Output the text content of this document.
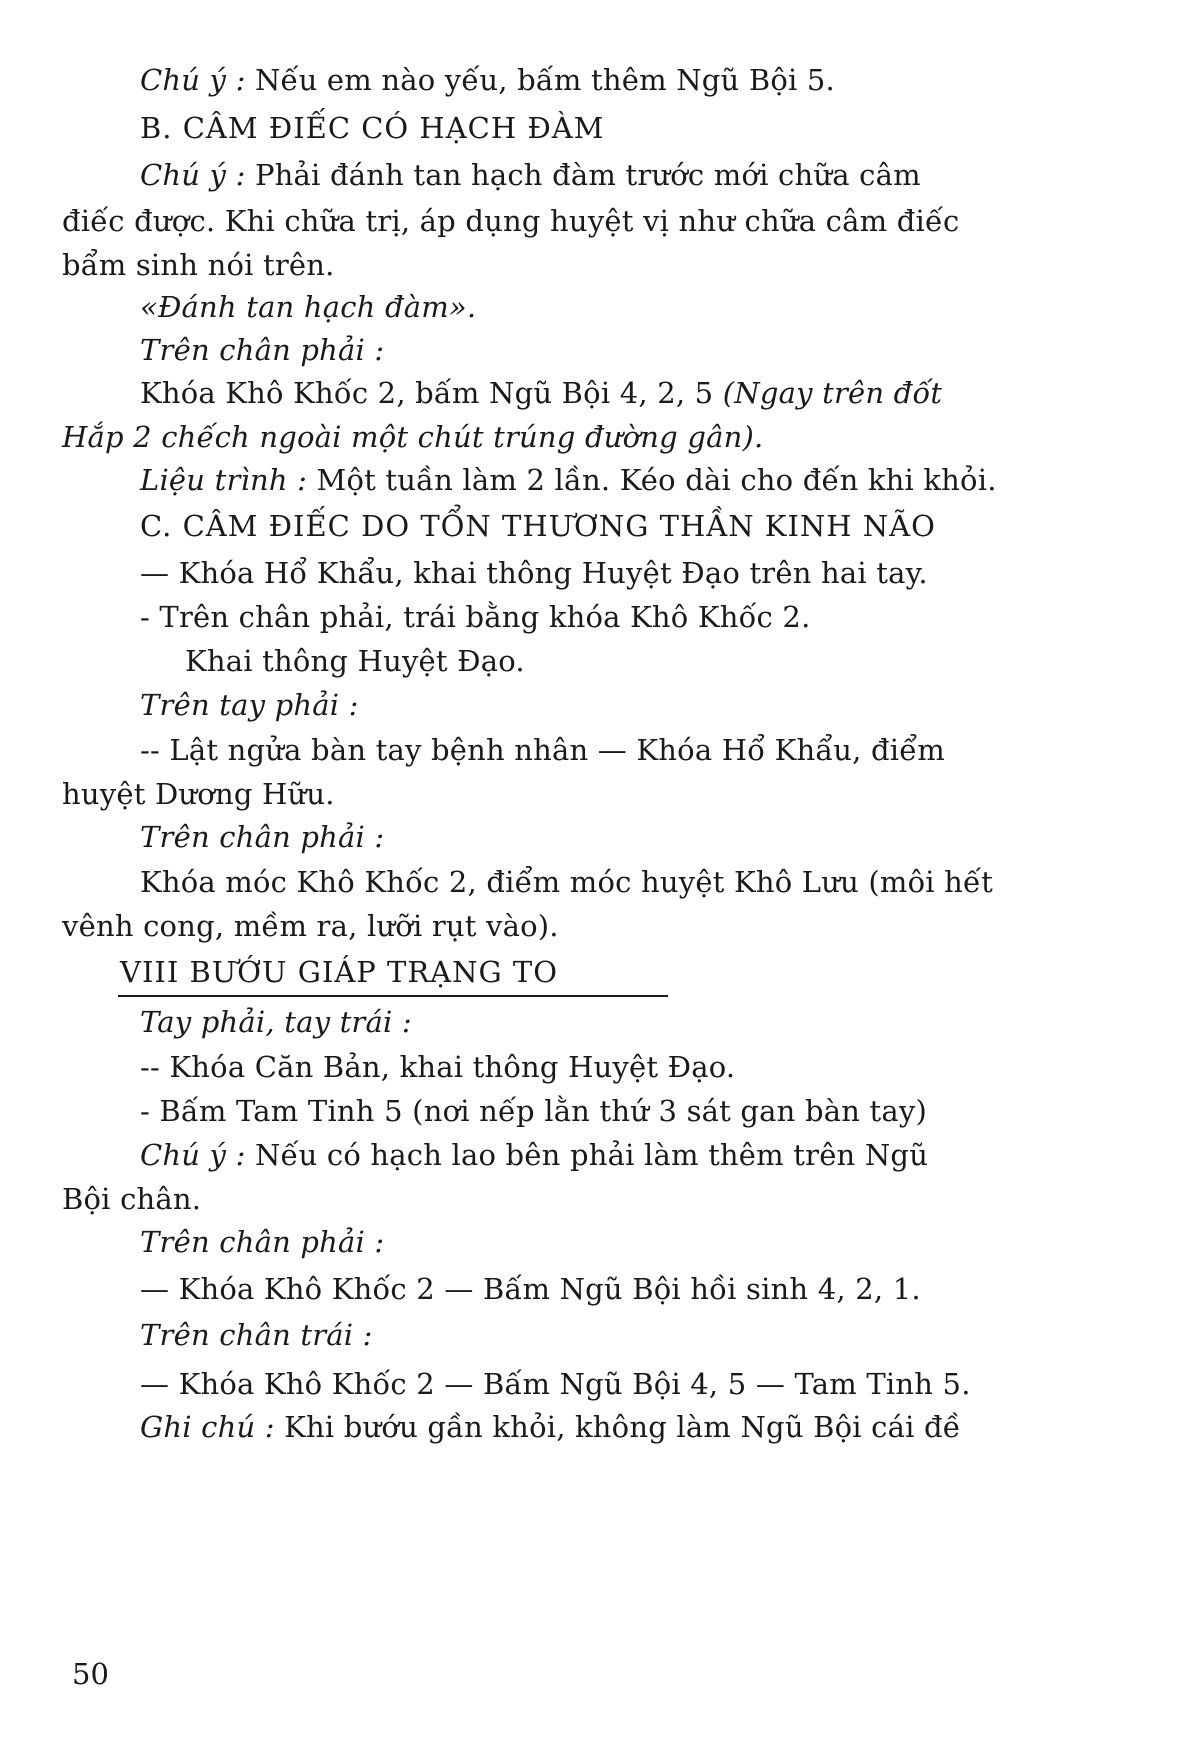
Chú ý : Nếu em nào yếu, bấm thêm Ngũ Bội 5.
B. CÂM ĐIẾC CÓ HẠCH ĐÀM
Chú ý : Phải đánh tan hạch đàm trước mới chữa câm
điếc được. Khi chữa trị, áp dụng huyệt vị như chữa câm điếc
bẩm sinh nói trên.
«Đánh tan hạch đàm».
Trên chân phải :
Khóa Khô Khốc 2, bấm Ngũ Bội 4, 2, 5 (Ngay trên đốt
Hắp 2 chếch ngoài một chút trúng đường gân).
Liệu trình : Một tuần làm 2 lần. Kéo dài cho đến khi khỏi.
C. CÂM ĐIẾC DO TỔN THƯƠNG THẦN KINH NÃO
— Khóa Hổ Khẩu, khai thông Huyệt Đạo trên hai tay.
- Trên chân phải, trái bằng khóa Khô Khốc 2.
Khai thông Huyệt Đạo.
Trên tay phải :
-- Lật ngửa bàn tay bệnh nhân — Khóa Hổ Khẩu, điểm
huyệt Dương Hữu.
Trên chân phải :
Khóa móc Khô Khốc 2, điểm móc huyệt Khô Lưu (môi hết
vênh cong, mềm ra, lưỡi rụt vào).
VIII BƯỚU GIÁP TRẠNG TO
Tay phải, tay trái :
-- Khóa Căn Bản, khai thông Huyệt Đạo.
- Bấm Tam Tinh 5 (nơi nếp lằn thứ 3 sát gan bàn tay)
Chú ý : Nếu có hạch lao bên phải làm thêm trên Ngũ
Bội chân.
Trên chân phải :
— Khóa Khô Khốc 2 — Bấm Ngũ Bội hồi sinh 4, 2, 1.
Trên chân trái :
— Khóa Khô Khốc 2 — Bấm Ngũ Bội 4, 5 — Tam Tinh 5.
Ghi chú : Khi bướu gần khỏi, không làm Ngũ Bội cái đề
50
